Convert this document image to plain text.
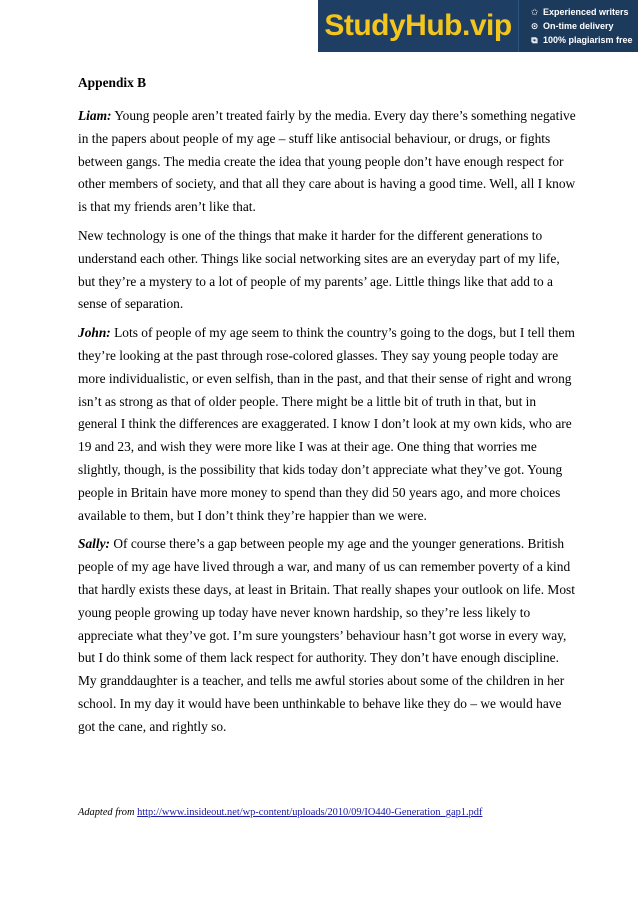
StudyHub.vip	✩ Experienced writers
⊙ On-time delivery
⧉ 100% plagiarism free

Appendix B

Liam: Young people aren’t treated fairly by the media. Every day there’s something negative in the papers about people of my age – stuff like antisocial behaviour, or drugs, or fights between gangs. The media create the idea that young people don’t have enough respect for other members of society, and that all they care about is having a good time. Well, all I know is that my friends aren’t like that.

New technology is one of the things that make it harder for the different generations to understand each other. Things like social networking sites are an everyday part of my life, but they’re a mystery to a lot of people of my parents’ age. Little things like that add to a sense of separation.

John: Lots of people of my age seem to think the country’s going to the dogs, but I tell them they’re looking at the past through rose-colored glasses. They say young people today are more individualistic, or even selfish, than in the past, and that their sense of right and wrong isn’t as strong as that of older people. There might be a little bit of truth in that, but in general I think the differences are exaggerated. I know I don’t look at my own kids, who are 19 and 23, and wish they were more like I was at their age. One thing that worries me slightly, though, is the possibility that kids today don’t appreciate what they’ve got. Young people in Britain have more money to spend than they did 50 years ago, and more choices available to them, but I don’t think they’re happier than we were.

Sally: Of course there’s a gap between people my age and the younger generations. British people of my age have lived through a war, and many of us can remember poverty of a kind that hardly exists these days, at least in Britain. That really shapes your outlook on life. Most young people growing up today have never known hardship, so they’re less likely to appreciate what they’ve got. I’m sure youngsters’ behaviour hasn’t got worse in every way, but I do think some of them lack respect for authority. They don’t have enough discipline. My granddaughter is a teacher, and tells me awful stories about some of the children in her school. In my day it would have been unthinkable to behave like they do – we would have got the cane, and rightly so.

Adapted from http://www.insideout.net/wp-content/uploads/2010/09/IO440-Generation_gap1.pdf
